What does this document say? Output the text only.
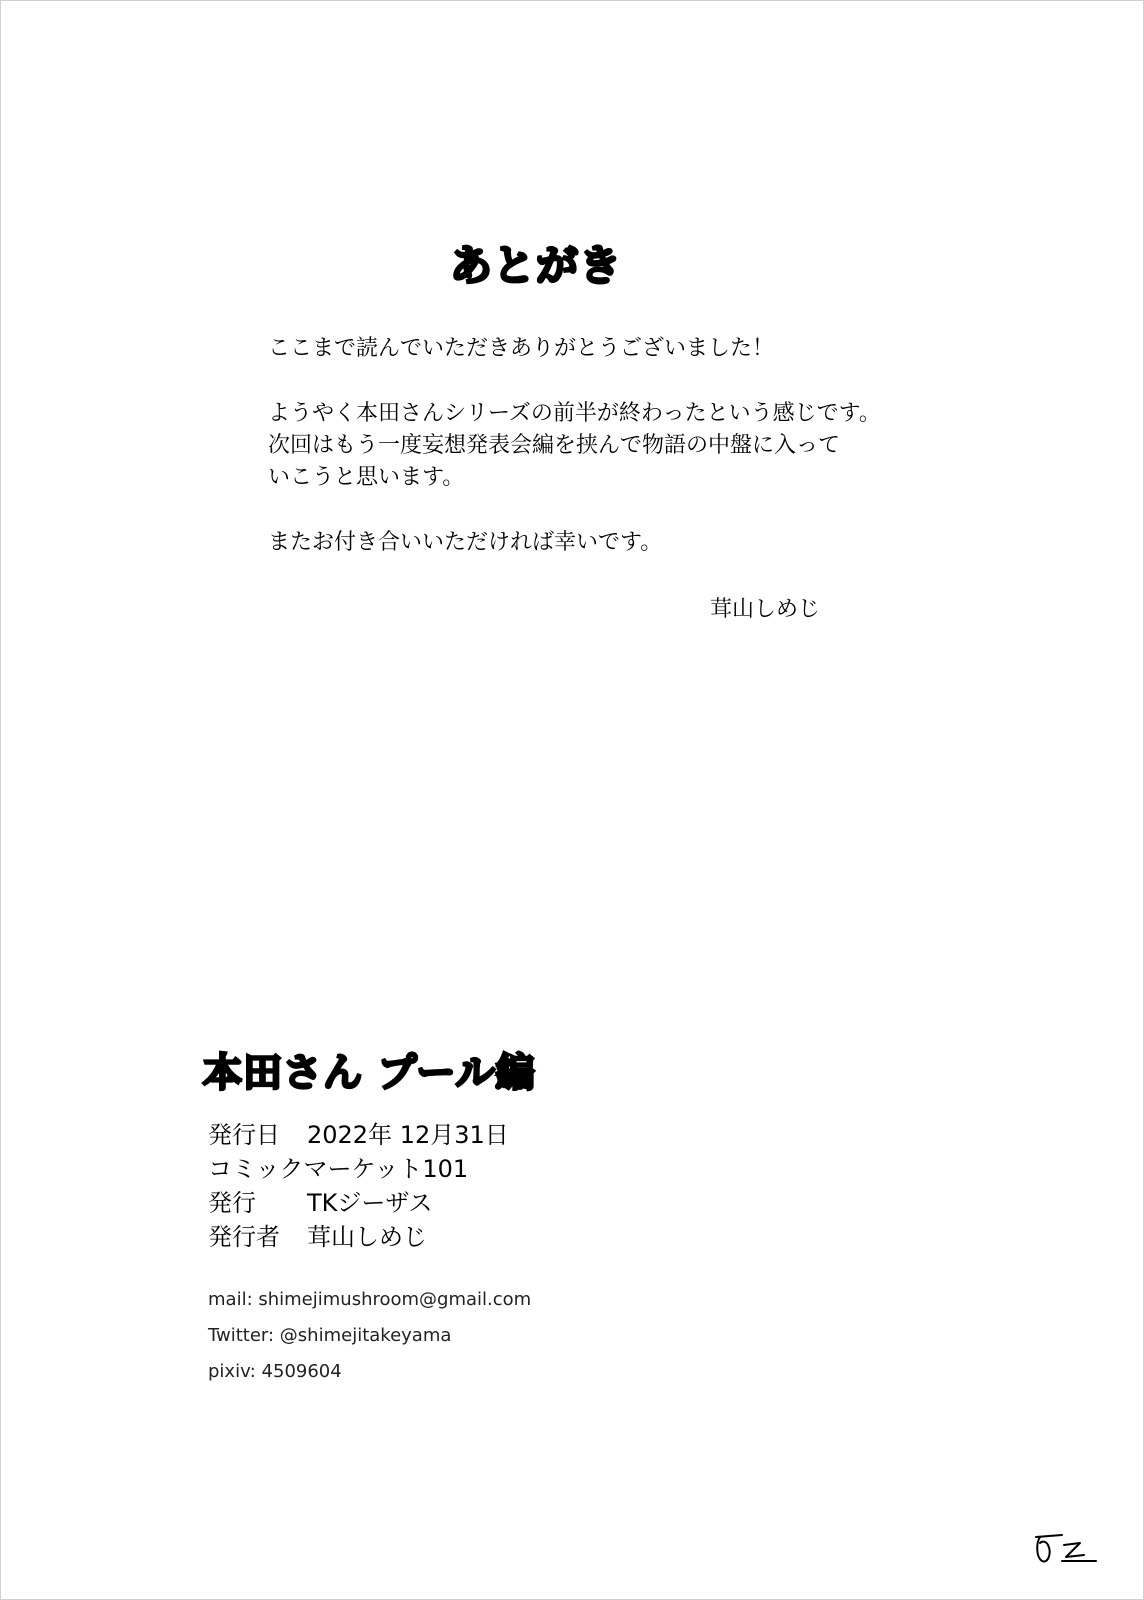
あとがき

ここまで読んでいただきありがとうございました！

ようやく本田さんシリーズの前半が終わったという感じです。
次回はもう一度妄想発表会編を挟んで物語の中盤に入って
いこうと思います。

またお付き合いいただければ幸いです。

茸山しめじ
本田さん プール編
発行日	2022年 12月31日
コミックマーケット101
発行	TKジーザス
発行者	茸山しめじ
mail: shimejimushroom@gmail.com
Twitter: @shimejitakeyama
pixiv: 4509604
